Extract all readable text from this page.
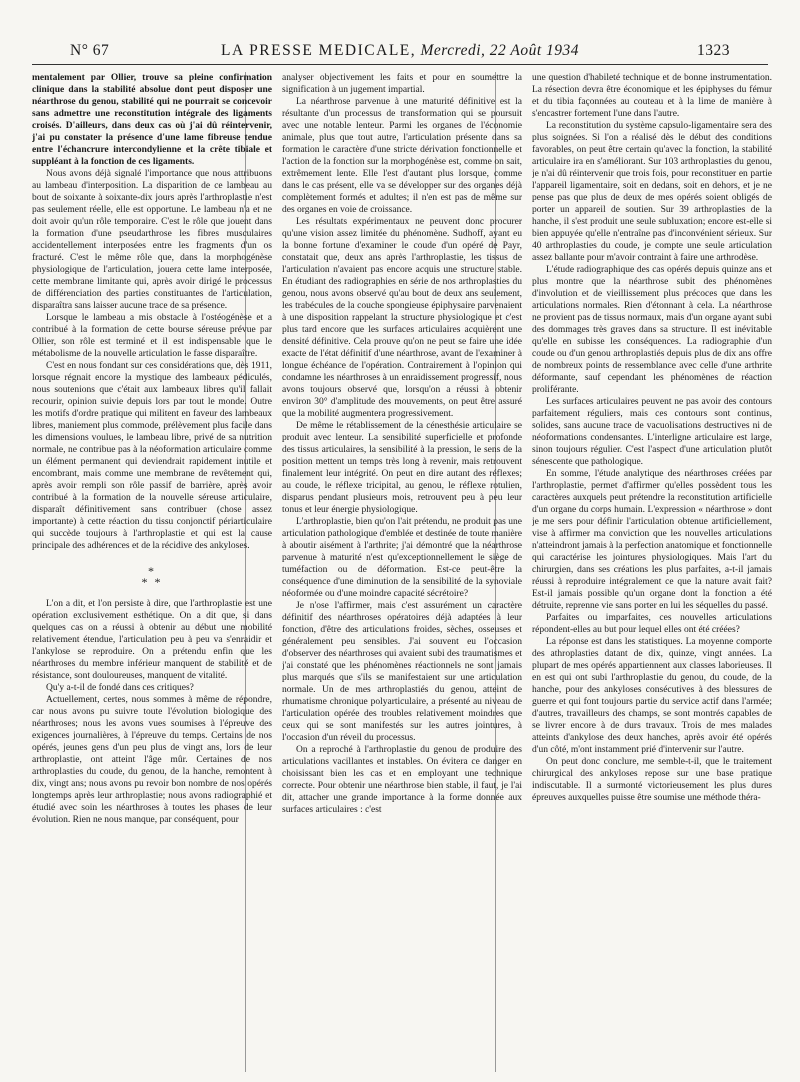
N° 67	LA PRESSE MEDICALE, Mercredi, 22 Août 1934	1323

mentalement par Ollier, trouve sa pleine confirmation clinique dans la stabilité absolue dont peut disposer une néarthrose du genou, stabilité qui ne pourrait se concevoir sans admettre une reconstitution intégrale des ligaments croisés. D'ailleurs, dans deux cas où j'ai dû réintervenir, j'ai pu constater la présence d'une lame fibreuse tendue entre l'échancrure intercondylienne et la crête tibiale et suppléant à la fonction de ces ligaments.

Nous avons déjà signalé l'importance que nous attribuons au lambeau d'interposition. La disparition de ce lambeau au bout de soixante à soixante-dix jours après l'arthroplastie n'est pas seulement réelle, elle est opportune. Le lambeau n'a et ne doit avoir qu'un rôle temporaire. C'est le rôle que jouent dans la formation d'une pseudarthrose les fibres musculaires accidentellement interposées entre les fragments d'un os fracturé. C'est le même rôle que, dans la morphogénèse physiologique de l'articulation, jouera cette lame interposée, cette membrane limitante qui, après avoir dirigé le processus de différenciation des parties constituantes de l'articulation, disparaîtra sans laisser aucune trace de sa présence.

Lorsque le lambeau a mis obstacle à l'ostéogénèse et a contribué à la formation de cette bourse séreuse prévue par Ollier, son rôle est terminé et il est indispensable que le métabolisme de la nouvelle articulation le fasse disparaître.

C'est en nous fondant sur ces considérations que, dès 1911, lorsque régnait encore la mystique des lambeaux pédiculés, nous soutenions que c'était aux lambeaux libres qu'il fallait recourir, opinion suivie depuis lors par tout le monde. Outre les motifs d'ordre pratique qui militent en faveur des lambeaux libres, maniement plus commode, prélèvement plus facile dans les dimensions voulues, le lambeau libre, privé de sa nutrition normale, ne contribue pas à la néoformation articulaire comme un élément permanent qui deviendrait rapidement inutile et encombrant, mais comme une membrane de revêtement qui, après avoir rempli son rôle passif de barrière, après avoir contribué à la formation de la nouvelle séreuse articulaire, disparaît définitivement sans contribuer (chose assez importante) à cette réaction du tissu conjonctif périarticulaire qui succède toujours à l'arthroplastie et qui est la cause principale des adhérences et de la récidive des ankyloses.

*
* *

L'on a dit, et l'on persiste à dire, que l'arthroplastie est une opération exclusivement esthétique. On a dit que, si dans quelques cas on a réussi à obtenir au début une mobilité relativement étendue, l'articulation peu à peu va s'enraidir et l'ankylose se reproduire. On a prétendu enfin que les néarthroses du membre inférieur manquent de stabilité et de résistance, sont douloureuses, manquent de vitalité.

Qu'y a-t-il de fondé dans ces critiques?

Actuellement, certes, nous sommes à même de répondre, car nous avons pu suivre toute l'évolution biologique des néarthroses; nous les avons vues soumises à l'épreuve des exigences journalières, à l'épreuve du temps. Certains de nos opérés, jeunes gens d'un peu plus de vingt ans, lors de leur arthroplastie, ont atteint l'âge mûr. Certaines de nos arthroplasties du coude, du genou, de la hanche, remontent à dix, vingt ans; nous avons pu revoir bon nombre de nos opérés longtemps après leur arthroplastie; nous avons radiographié et étudié avec soin les néarthroses à toutes les phases de leur évolution. Rien ne nous manque, par conséquent, pour

analyser objectivement les faits et pour en soumettre la signification à un jugement impartial.

La néarthrose parvenue à une maturité définitive est la résultante d'un processus de transformation qui se poursuit avec une notable lenteur. Parmi les organes de l'économie animale, plus que tout autre, l'articulation présente dans sa formation le caractère d'une stricte dérivation fonctionnelle et l'action de la fonction sur la morphogénèse est, comme on sait, extrêmement lente. Elle l'est d'autant plus lorsque, comme dans le cas présent, elle va se développer sur des organes déjà complètement formés et adultes; il n'en est pas de même sur des organes en voie de croissance.

Les résultats expérimentaux ne peuvent donc procurer qu'une vision assez limitée du phénomène. Sudhoff, ayant eu la bonne fortune d'examiner le coude d'un opéré de Payr, constatait que, deux ans après l'arthroplastie, les tissus de l'articulation n'avaient pas encore acquis une structure stable. En étudiant des radiographies en série de nos arthroplasties du genou, nous avons observé qu'au bout de deux ans seulement, les trabécules de la couche spongieuse épiphysaire parvenaient à une disposition rappelant la structure physiologique et c'est plus tard encore que les surfaces articulaires acquièrent une densité définitive. Cela prouve qu'on ne peut se faire une idée exacte de l'état définitif d'une néarthrose, avant de l'examiner à longue échéance de l'opération. Contrairement à l'opinion qui condamne les néarthroses à un enraidissement progressif, nous avons toujours observé que, lorsqu'on a réussi à obtenir environ 30° d'amplitude des mouvements, on peut être assuré que la mobilité augmentera progressivement.

De même le rétablissement de la cénesthésie articulaire se produit avec lenteur. La sensibilité superficielle et profonde des tissus articulaires, la sensibilité à la pression, le sens de la position mettent un temps très long à revenir, mais retrouvent finalement leur intégrité. On peut en dire autant des réflexes; au coude, le réflexe tricipital, au genou, le réflexe rotulien, disparus pendant plusieurs mois, retrouvent peu à peu leur tonus et leur énergie physiologique.

L'arthroplastie, bien qu'on l'ait prétendu, ne produit pas une articulation pathologique d'emblée et destinée de toute manière à aboutir aisément à l'arthrite; j'ai démontré que la néarthrose parvenue à maturité n'est qu'exceptionnellement le siège de tuméfaction ou de déformation. Est-ce peut-être la conséquence d'une diminution de la sensibilité de la synoviale néoformée ou d'une moindre capacité sécrétoire?

Je n'ose l'affirmer, mais c'est assurément un caractère définitif des néarthroses opératoires déjà adaptées à leur fonction, d'être des articulations froides, sèches, osseuses et généralement peu sensibles. J'ai souvent eu l'occasion d'observer des néarthroses qui avaient subi des traumatismes et j'ai constaté que les phénomènes réactionnels ne sont jamais plus marqués que s'ils se manifestaient sur une articulation normale. Un de mes arthroplastiés du genou, atteint de rhumatisme chronique polyarticulaire, a présenté au niveau de l'articulation opérée des troubles relativement moindres que ceux qui se sont manifestés sur les autres jointures, à l'occasion d'un réveil du processus.

On a reproché à l'arthroplastie du genou de produire des articulations vacillantes et instables. On évitera ce danger en choisissant bien les cas et en employant une technique correcte. Pour obtenir une néarthrose bien stable, il faut, je l'ai dit, attacher une grande importance à la forme donnée aux surfaces articulaires : c'est

une question d'habileté technique et de bonne instrumentation. La résection devra être économique et les épiphyses du fémur et du tibia façonnées au couteau et à la lime de manière à s'encastrer fortement l'une dans l'autre.

La reconstitution du système capsulo-ligamentaire sera des plus soignées. Si l'on a réalisé dès le début des conditions favorables, on peut être certain qu'avec la fonction, la stabilité articulaire ira en s'améliorant. Sur 103 arthroplasties du genou, je n'ai dû réintervenir que trois fois, pour reconstituer en partie l'appareil ligamentaire, soit en dedans, soit en dehors, et je ne pense pas que plus de deux de mes opérés soient obligés de porter un appareil de soutien. Sur 39 arthroplasties de la hanche, il s'est produit une seule subluxation; encore est-elle si bien appuyée qu'elle n'entraîne pas d'inconvénient sérieux. Sur 40 arthroplasties du coude, je compte une seule articulation assez ballante pour m'avoir contraint à faire une arthrodèse.

L'étude radiographique des cas opérés depuis quinze ans et plus montre que la néarthrose subit des phénomènes d'involution et de vieillissement plus précoces que dans les articulations normales. Rien d'étonnant à cela. La néarthrose ne provient pas de tissus normaux, mais d'un organe ayant subi des dommages très graves dans sa structure. Il est inévitable qu'elle en subisse les conséquences. La radiographie d'un coude ou d'un genou arthroplastiés depuis plus de dix ans offre de nombreux points de ressemblance avec celle d'une arthrite déformante, sauf cependant les phénomènes de réaction proliférante.

Les surfaces articulaires peuvent ne pas avoir des contours parfaitement réguliers, mais ces contours sont continus, solides, sans aucune trace de vacuolisations destructives ni de néoformations condensantes. L'interligne articulaire est large, sinon toujours régulier. C'est l'aspect d'une articulation plutôt sénescente que pathologique.

En somme, l'étude analytique des néarthroses créées par l'arthroplastie, permet d'affirmer qu'elles possèdent tous les caractères auxquels peut prétendre la reconstitution artificielle d'un organe du corps humain. L'expression « néarthrose » dont je me sers pour définir l'articulation obtenue artificiellement, vise à affirmer ma conviction que les nouvelles articulations n'atteindront jamais à la perfection anatomique et fonctionnelle qui caractérise les jointures physiologiques. Mais l'art du chirurgien, dans ses créations les plus parfaites, a-t-il jamais réussi à reproduire intégralement ce que la nature avait fait? Est-il jamais possible qu'un organe dont la fonction a été détruite, reprenne vie sans porter en lui les séquelles du passé.

Parfaites ou imparfaites, ces nouvelles articulations répondent-elles au but pour lequel elles ont été créées?

La réponse est dans les statistiques. La moyenne comporte des athroplasties datant de dix, quinze, vingt années. La plupart de mes opérés appartiennent aux classes laborieuses. Il en est qui ont subi l'arthroplastie du genou, du coude, de la hanche, pour des ankyloses consécutives à des blessures de guerre et qui font toujours partie du service actif dans l'armée; d'autres, travailleurs des champs, se sont montrés capables de se livrer encore à de durs travaux. Trois de mes malades atteints d'ankylose des deux hanches, après avoir été opérés d'un côté, m'ont instamment prié d'intervenir sur l'autre.

On peut donc conclure, me semble-t-il, que le traitement chirurgical des ankyloses repose sur une base pratique indiscutable. Il a surmonté victorieusement les plus dures épreuves auxquelles puisse être soumise une méthode théra-
